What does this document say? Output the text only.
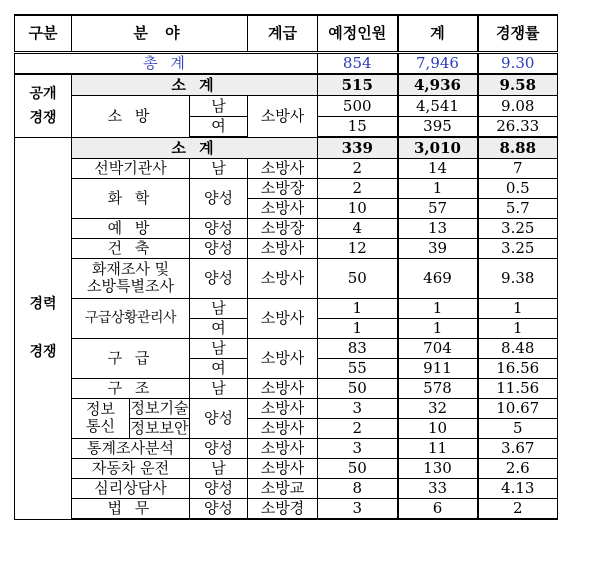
구분	분 야			계급	예정인원	계	경쟁률
총 계					854	7,946	9.30

공개
경쟁	소 계				515	4,936	9.58
	소 방		남	소방사	500	4,541	9.08
			여		15	395	26.33

경력

경쟁	소 계				339	3,010	8.88
	선박기관사		남	소방사	2	14	7
	화 학		양성	소방장	2	1	0.5
				소방사	10	57	5.7
	예 방		양성	소방장	4	13	3.25
	건 축		양성	소방사	12	39	3.25

	화재조사 및
소방특별조사		양성	소방사	50	469	9.38
	구급상황관리사		남	소방사	1	1	1
			여		1	1	1
	구 급		남	소방사	83	704	8.48
			여		55	911	16.56
	구 조		남	소방사	50	578	11.56

	정보
통신	정보기술	양성	소방사	3	32	10.67
		정보보안		소방사	2	10	5
	통계조사분석		양성	소방사	3	11	3.67
	자동차 운전		남	소방사	50	130	2.6
	심리상담사		양성	소방교	8	33	4.13
	법 무		양성	소방경	3	6	2
